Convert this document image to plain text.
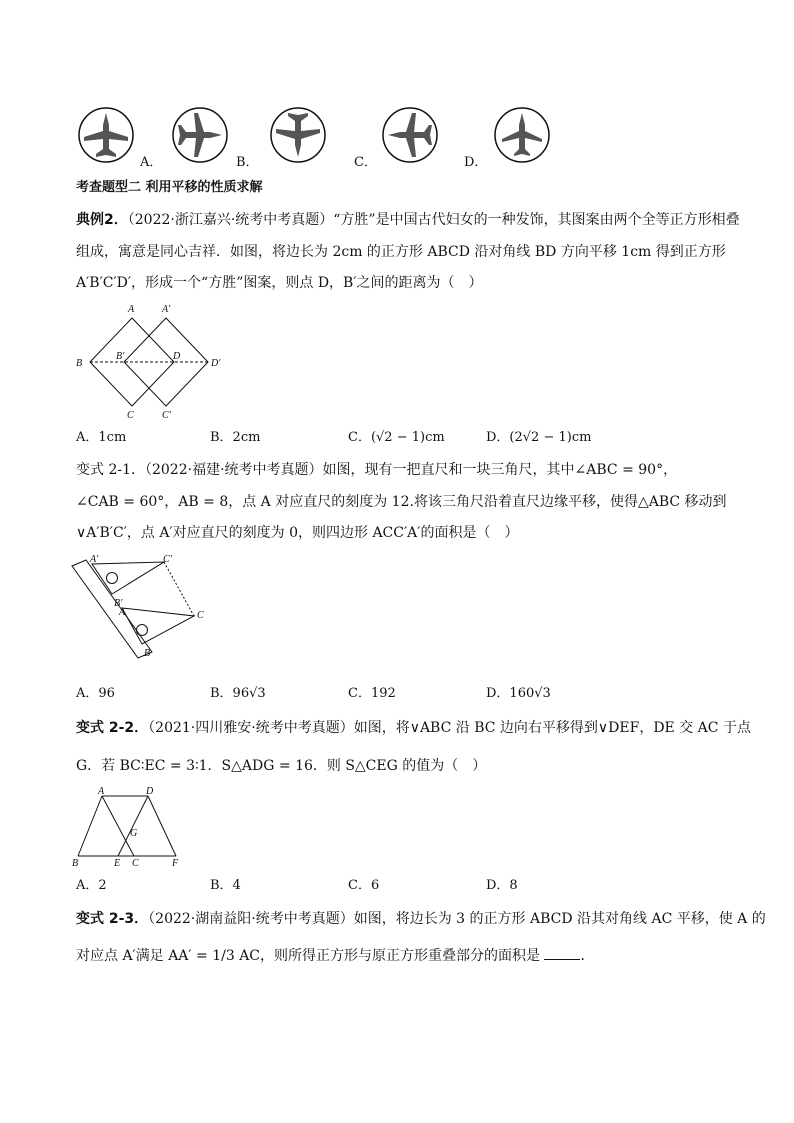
A．	B．	C．	D．
考查题型二 利用平移的性质求解
典例2．（2022·浙江嘉兴·统考中考真题）“方胜”是中国古代妇女的一种发饰，其图案由两个全等正方形相叠
组成，寓意是同心吉祥．如图，将边长为 2cm 的正方形 ABCD 沿对角线 BD 方向平移 1cm 得到正方形
A′B′C′D′，形成一个“方胜”图案，则点 D，B′之间的距离为（　）
A	A′
B
B′	D
D′
C	C′
A．1cm	B．2cm	C．(√2 − 1)cm	D．(2√2 − 1)cm
变式 2-1．（2022·福建·统考中考真题）如图，现有一把直尺和一块三角尺，其中∠ABC = 90°，
∠CAB = 60°，AB = 8，点 A 对应直尺的刻度为 12.将该三角尺沿着直尺边缘平移，使得△ABC 移动到
∨A′B′C′，点 A′对应直尺的刻度为 0，则四边形 ACC′A′的面积是（　）
A′	C′
B′
A	C
B
A．96	B．96√3	C．192	D．160√3
变式 2-2．（2021·四川雅安·统考中考真题）如图，将∨ABC 沿 BC 边向右平移得到∨DEF，DE 交 AC 于点
G．若 BC∶EC = 3∶1．S△ADG = 16．则 S△CEG 的值为（　）
A	D
G
B	E C	F
A．2	B．4	C．6	D．8
变式 2-3．（2022·湖南益阳·统考中考真题）如图，将边长为 3 的正方形 ABCD 沿其对角线 AC 平移，使 A 的
对应点 A′满足 AA′ = 1/3 AC，则所得正方形与原正方形重叠部分的面积是	．
